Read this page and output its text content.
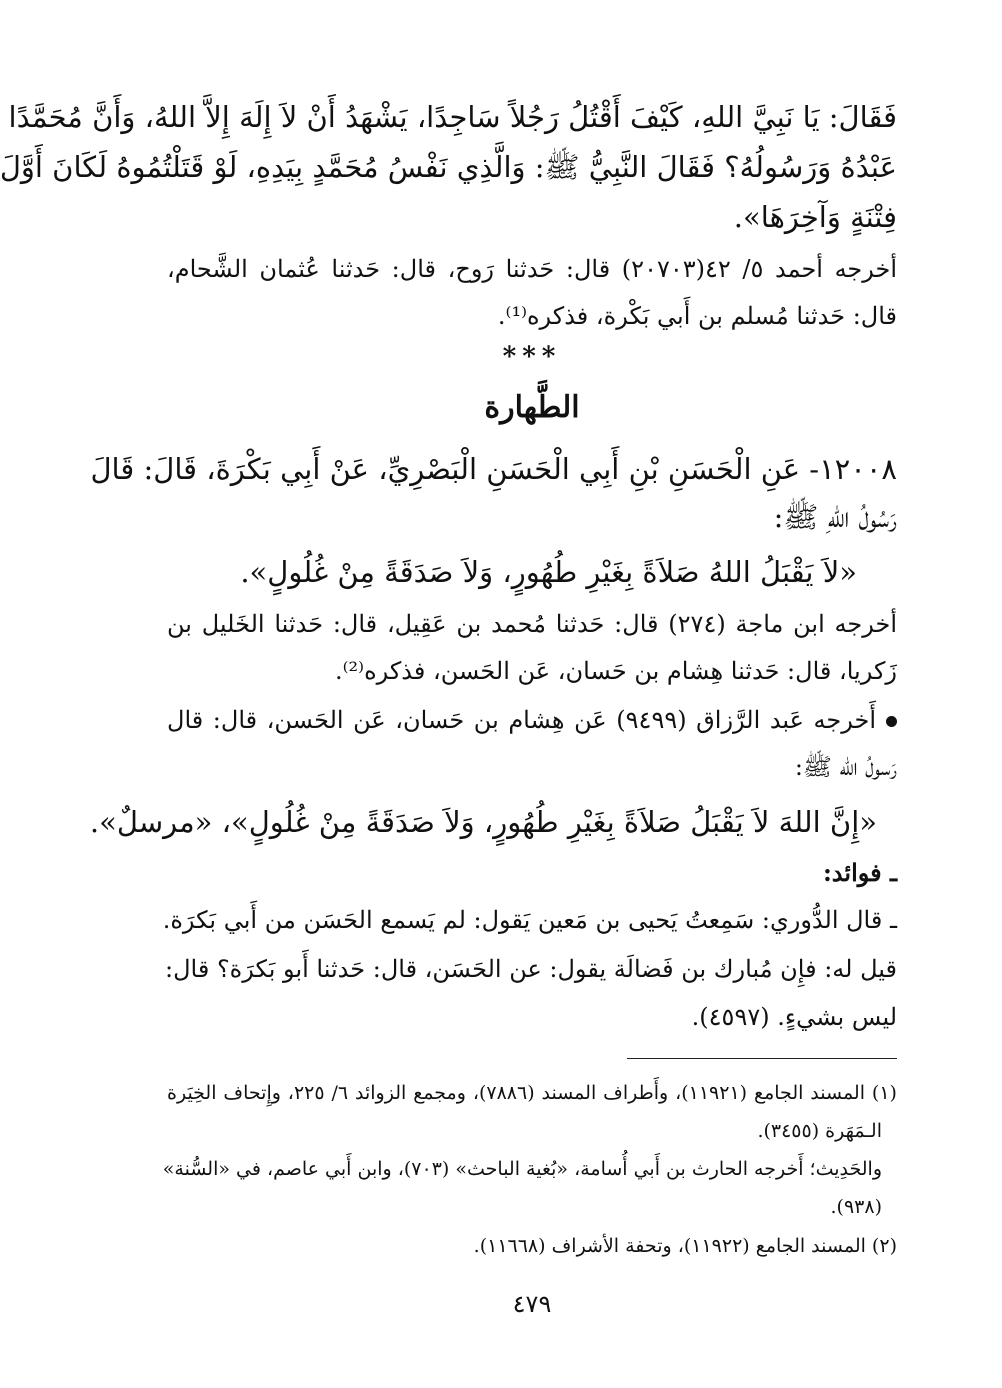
فَقَالَ: يَا نَبِيَّ اللهِ، كَيْفَ أَقْتُلُ رَجُلاً سَاجِدًا، يَشْهَدُ أَنْ لاَ إِلَهَ إِلاَّ اللهُ، وَأَنَّ مُحَمَّدًا
عَبْدُهُ وَرَسُولُهُ؟ فَقَالَ النَّبِيُّ ﷺ: وَالَّذِي نَفْسُ مُحَمَّدٍ بِيَدِهِ، لَوْ قَتَلْتُمُوهُ لَكَانَ أَوَّلَ
فِتْنَةٍ وَآخِرَهَا».
أخرجه أحمد ٥/ ٤٢(٢٠٧٠٣) قال: حَدثنا رَوح، قال: حَدثنا عُثمان الشَّحام،
قال: حَدثنا مُسلم بن أَبي بَكْرة، فذكره⁽¹⁾.
***
الطَّهارة
١٢٠٠٨- عَنِ الْحَسَنِ بْنِ أَبِي الْحَسَنِ الْبَصْرِيِّ، عَنْ أَبِي بَكْرَةَ، قَالَ: قَالَ
رَسُولُ اللهِ ﷺ:
«لاَ يَقْبَلُ اللهُ صَلاَةً بِغَيْرِ طُهُورٍ، وَلاَ صَدَقَةً مِنْ غُلُولٍ».
أخرجه ابن ماجة (٢٧٤) قال: حَدثنا مُحمد بن عَقِيل، قال: حَدثنا الخَليل بن
زَكريا، قال: حَدثنا هِشام بن حَسان، عَن الحَسن، فذكره⁽²⁾.
أَخرجه عَبد الرَّزاق (٩٤٩٩) عَن هِشام بن حَسان، عَن الحَسن، قال: قال
رَسولُ الله ﷺ:
«إِنَّ اللهَ لاَ يَقْبَلُ صَلاَةً بِغَيْرِ طُهُورٍ، وَلاَ صَدَقَةً مِنْ غُلُولٍ»، «مرسلٌ».
ـ فوائد:
ـ قال الدُّوري: سَمِعتُ يَحيى بن مَعين يَقول: لم يَسمع الحَسَن من أَبي بَكرَة.
قيل له: فإِن مُبارك بن فَضالَة يقول: عن الحَسَن، قال: حَدثنا أَبو بَكرَة؟ قال:
ليس بشيءٍ. (٤٥٩٧).
(١) المسند الجامع (١١٩٢١)، وأَطراف المسند (٧٨٨٦)، ومجمع الزوائد ٦/ ٢٢٥، وإِتحاف الخِيَرة
الـمَهَرة (٣٤٥٥).
والحَدِيث؛ أَخرجه الحارث بن أَبي أُسامة، «بُغية الباحث» (٧٠٣)، وابن أَبي عاصم، في «السُّنة»
(٩٣٨).
(٢) المسند الجامع (١١٩٢٢)، وتحفة الأشراف (١١٦٦٨).
٤٧٩
